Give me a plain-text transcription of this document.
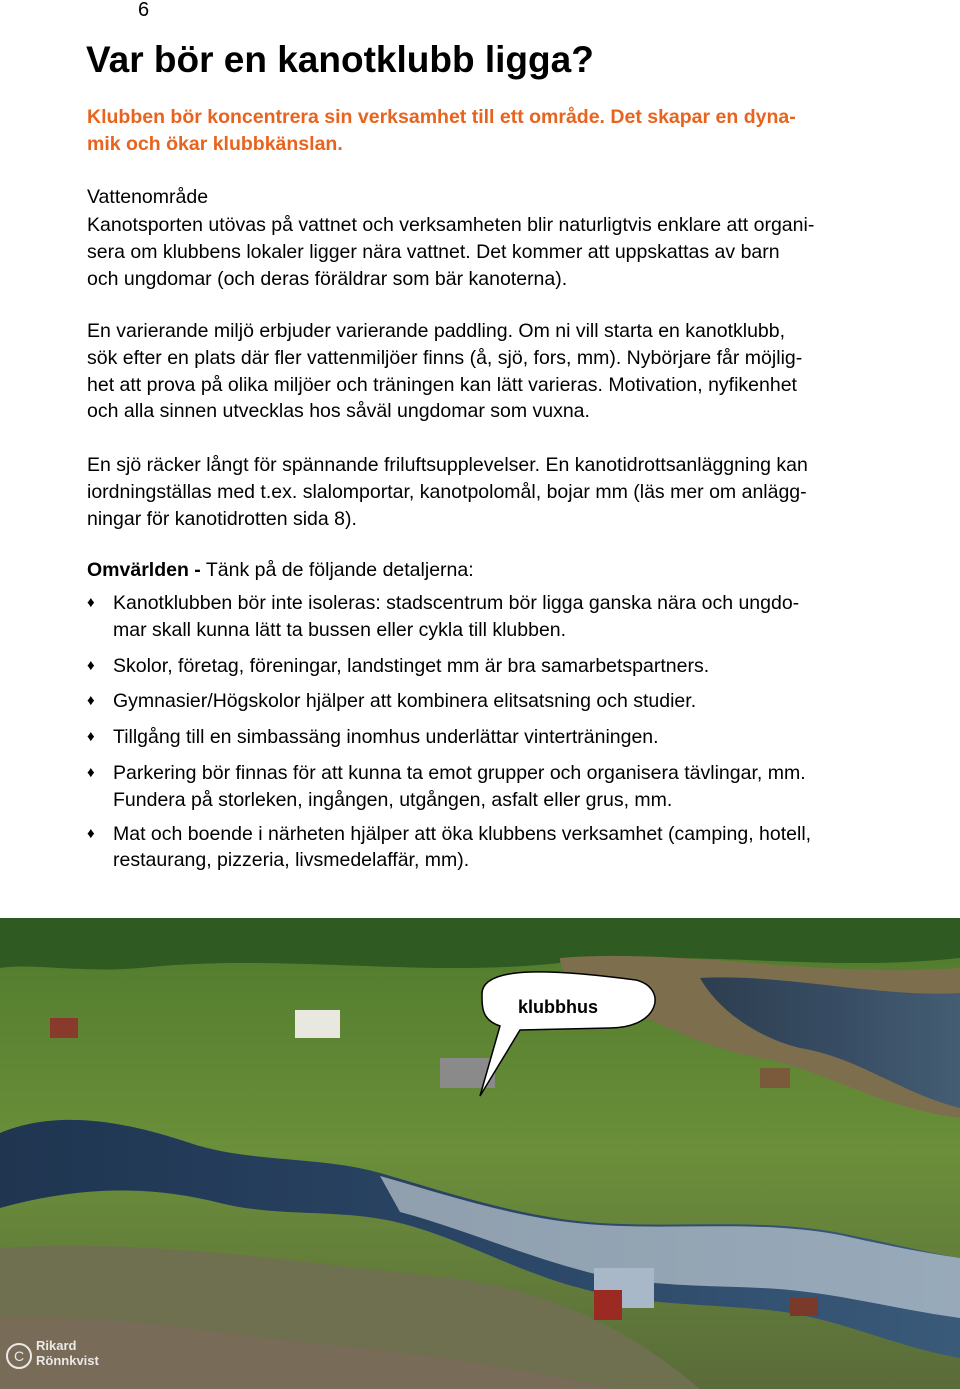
6
Var bör en kanotklubb ligga?

Klubben bör koncentrera sin verksamhet till ett område. Det skapar en dyna-
mik och ökar klubbkänslan.

Vattenområde

Kanotsporten utövas på vattnet och verksamheten blir naturligtvis enklare att organi-
sera om klubbens lokaler ligger nära vattnet. Det kommer att uppskattas av barn
och ungdomar (och deras föräldrar som bär kanoterna).

En varierande miljö erbjuder varierande paddling. Om ni vill starta en kanotklubb,
sök efter en plats där fler vattenmiljöer finns (å, sjö, fors, mm). Nybörjare får möjlig-
het att prova på olika miljöer och träningen kan lätt varieras. Motivation, nyfikenhet
och alla sinnen utvecklas hos såväl ungdomar som vuxna.

En sjö räcker långt för spännande friluftsupplevelser. En kanotidrottsanläggning kan
iordningställas med t.ex. slalomportar, kanotpolomål, bojar mm (läs mer om anlägg-
ningar för kanotidrotten sida 8).

Omvärlden - Tänk på de följande detaljerna:
♦ Kanotklubben bör inte isoleras: stadscentrum bör ligga ganska nära och ungdo-
mar skall kunna lätt ta bussen eller cykla till klubben.
♦ Skolor, företag, föreningar, landstinget mm är bra samarbetspartners.
♦ Gymnasier/Högskolor hjälper att kombinera elitsatsning och studier.
♦ Tillgång till en simbassäng inomhus underlättar vinterträningen.
♦ Parkering bör finnas för att kunna ta emot grupper och organisera tävlingar, mm.
Fundera på storleken, ingången, utgången, asfalt eller grus, mm.
♦ Mat och boende i närheten hjälper att öka klubbens verksamhet (camping, hotell,
restaurang, pizzeria, livsmedelaffär, mm).
klubbhus
C
Rikard
Rönnkvist
